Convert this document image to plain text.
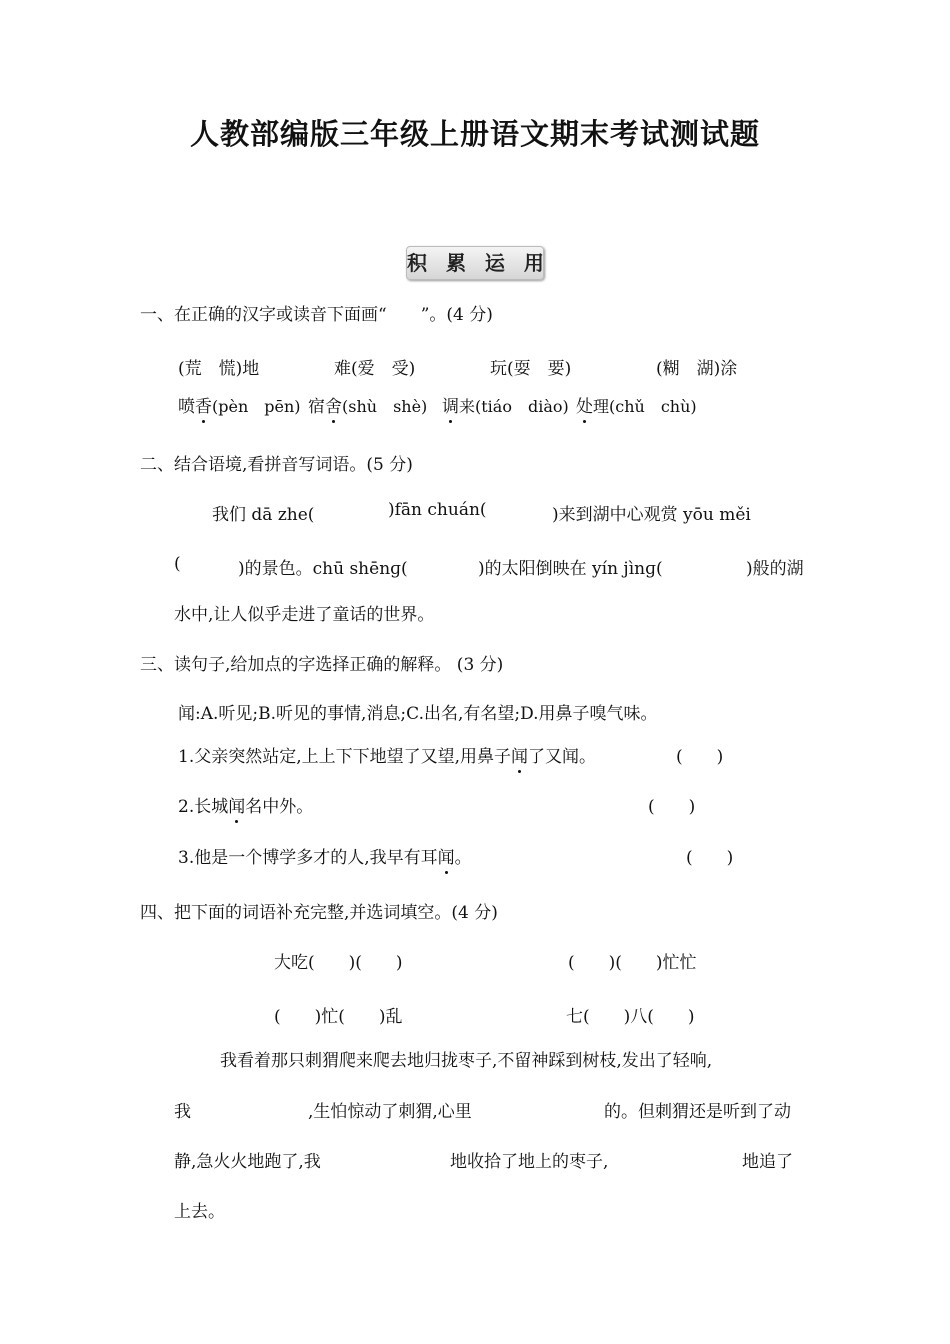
人教部编版三年级上册语文期末考试测试题
积 累 运 用
一、在正确的汉字或读音下面画“　　”。(4 分)
(荒　慌)地	难(爱　受)	玩(耍　要)	(糊　湖)涂
喷香(pèn　pēn) 宿舍(shù　shè) 调来(tiáo　diào) 处理(chǔ　chù)
二、结合语境,看拼音写词语。(5 分)
我们 dā zhe(	)fān chuán(	)来到湖中心观赏 yōu měi
(	)的景色。chū shēnɡ(	)的太阳倒映在 yín jìnɡ(	)般的湖
水中,让人似乎走进了童话的世界。
三、读句子,给加点的字选择正确的解释。 (3 分)
闻:A.听见;B.听见的事情,消息;C.出名,有名望;D.用鼻子嗅气味。
1.父亲突然站定,上上下下地望了又望,用鼻子闻了又闻。	(　　)
2.长城闻名中外。	(　　)
3.他是一个博学多才的人,我早有耳闻。	(　　)
四、把下面的词语补充完整,并选词填空。(4 分)
大吃(　　)(　　)	(　　)(　　)忙忙
(　　)忙(　　)乱	七(　　)八(　　)
我看着那只刺猬爬来爬去地归拢枣子,不留神踩到树枝,发出了轻响,
我	,生怕惊动了刺猬,心里	的。但刺猬还是听到了动
静,急火火地跑了,我	地收拾了地上的枣子,	地追了
上去。
